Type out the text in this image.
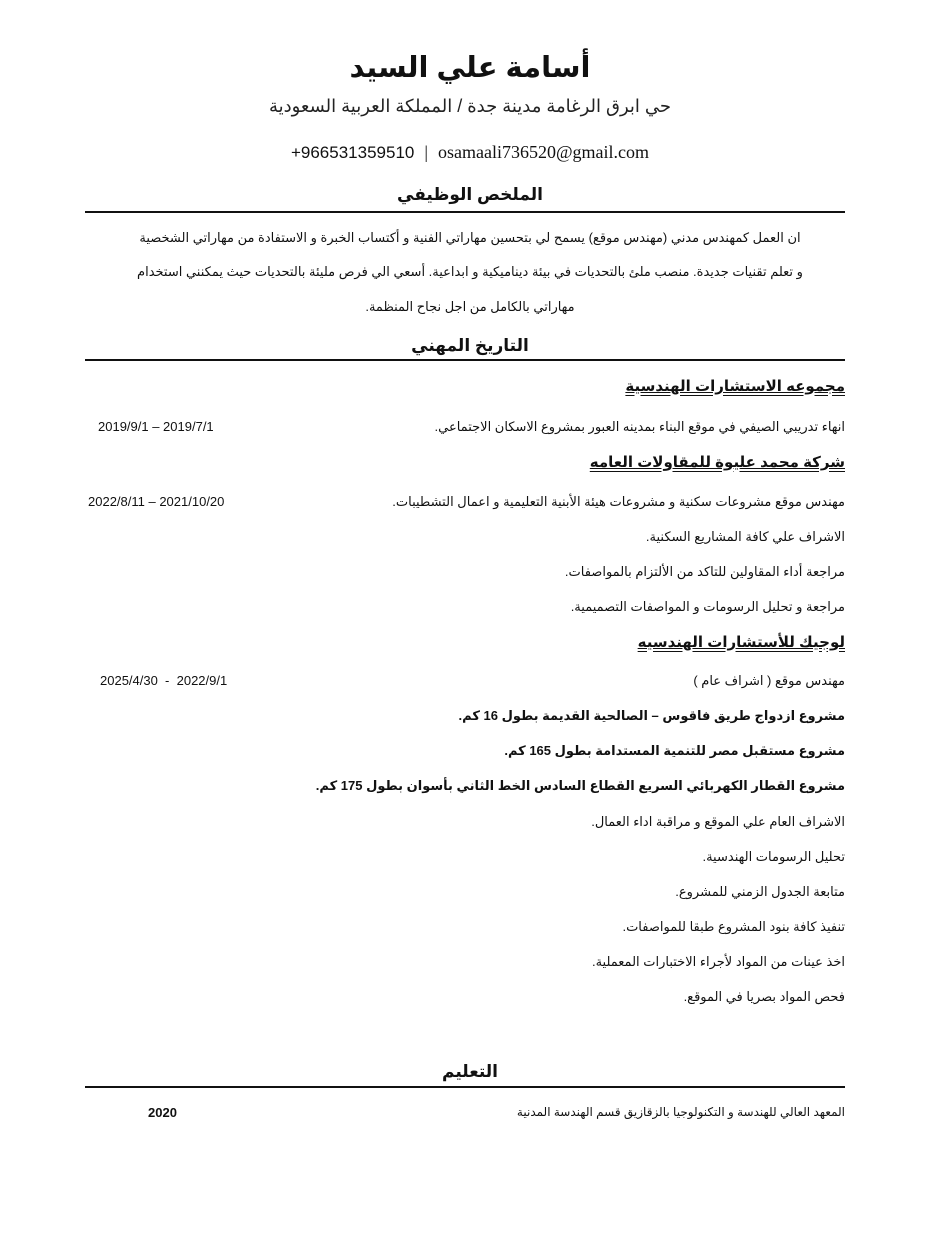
أسامة علي السيد
حي ابرق الرغامة مدينة جدة / المملكة العربية السعودية
+966531359510 | osamaali736520@gmail.com
الملخص الوظيفي
ان العمل كمهندس مدني (مهندس موقع) يسمح لي بتحسين مهاراتي الفنية و أكتساب الخبرة و الاستفادة من مهاراتي الشخصية
و تعلم تقنيات جديدة. منصب ملئ بالتحديات في بيئة ديناميكية و ابداعية. أسعي الي فرص مليئة بالتحديات حيث يمكنني استخدام
مهاراتي بالكامل من اجل نجاح المنظمة.
التاريخ المهني
مجموعه الاستشارات الهندسية
انهاء تدريبي الصيفي في موقع البناء بمدينه العبور بمشروع الاسكان الاجتماعي.
2019/9/1 – 2019/7/1
شركة محمد عليوة للمقاولات العامه
مهندس موقع مشروعات سكنية و مشروعات هيئة الأبنية التعليمية و اعمال التشطيبات.
2022/8/11 – 2021/10/20
الاشراف علي كافة المشاريع السكنية.
مراجعة أداء المقاولين للتاكد من الألتزام بالمواصفات.
مراجعة و تحليل الرسومات و المواصفات التصميمية.
لوجيك للأستشارات الهندسيه
مهندس موقع ( اشراف عام )
2025/4/30  -  2022/9/1
مشروع ازدواج طريق فاقوس – الصالحية القديمة بطول 16 كم.
مشروع مستقبل مصر للتنمية المستدامة بطول 165 كم.
مشروع القطار الكهربائي السريع القطاع السادس الخط الثاني بأسوان بطول 175 كم.
الاشراف العام علي الموقع و مراقبة اداء العمال.
تحليل الرسومات الهندسية.
متابعة الجدول الزمني للمشروع.
تنفيذ كافة بنود المشروع طبقا للمواصفات.
اخذ عينات من المواد لأجراء الاختبارات المعملية.
فحص المواد بصريا في الموقع.
التعليم
المعهد العالي للهندسة و التكنولوجيا بالزقازيق قسم الهندسة المدنية
2020
